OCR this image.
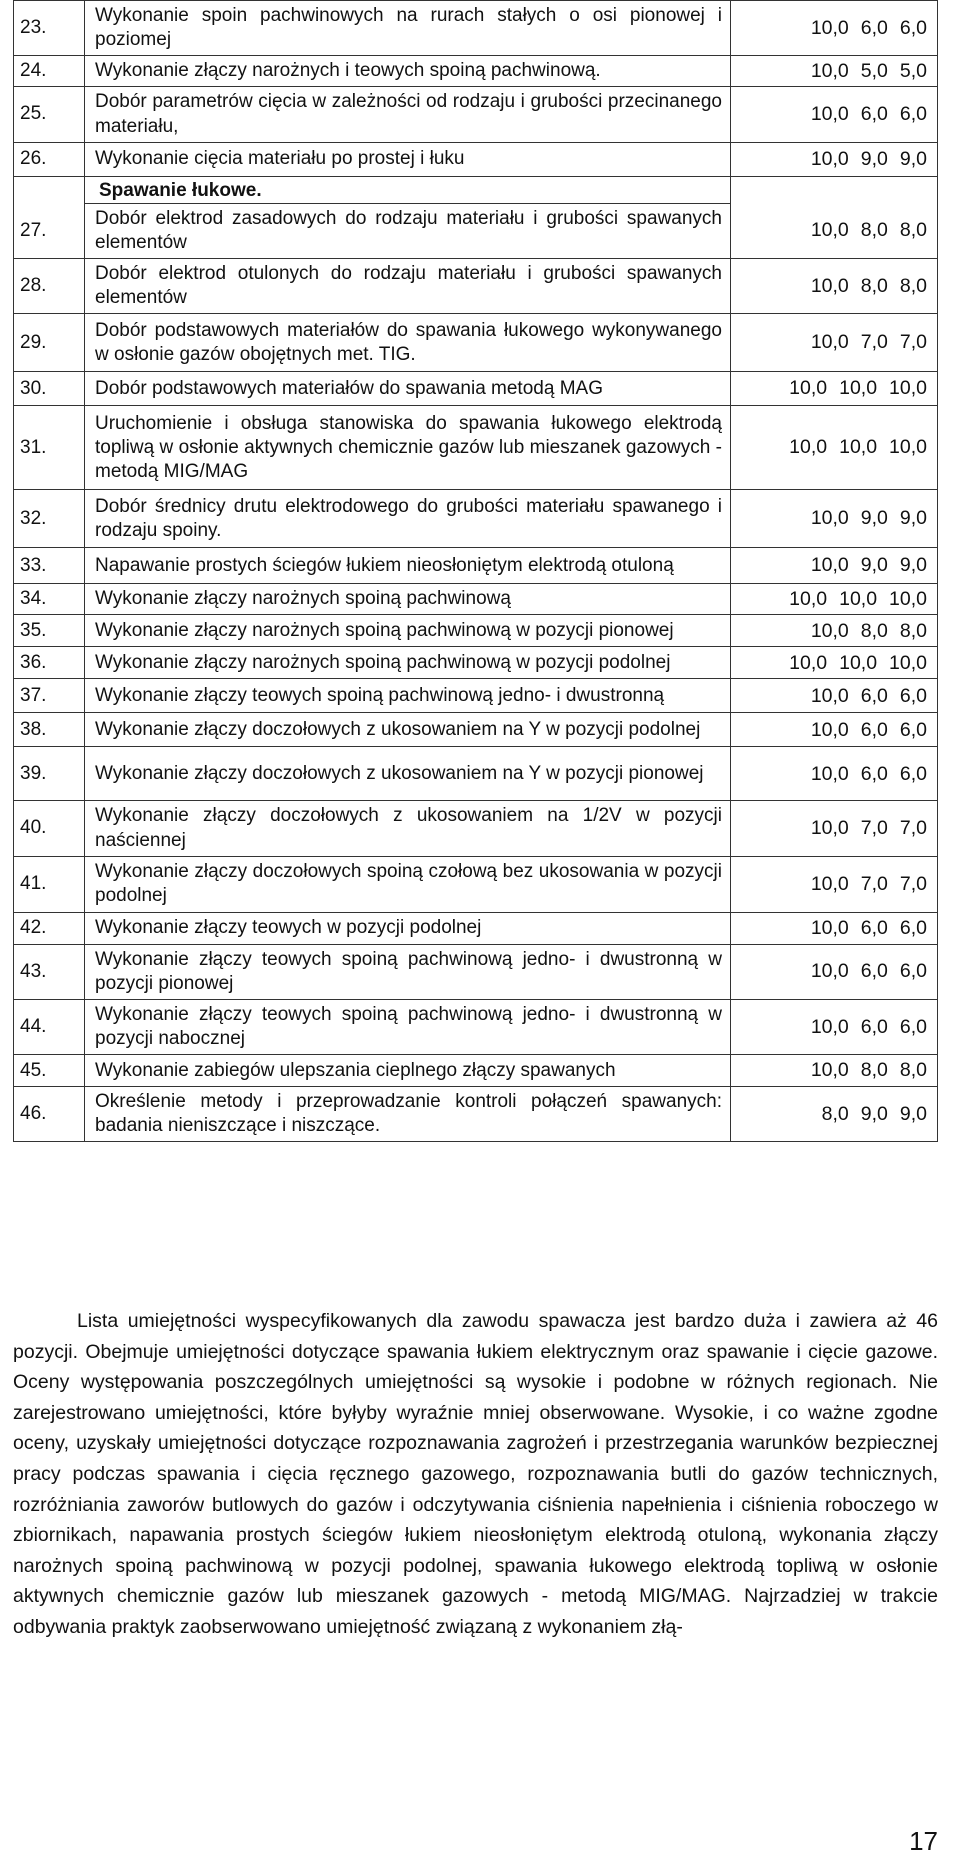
23.	Wykonanie spoin pachwinowych na rurach stałych o osi pionowej i poziomej	10,0 6,0 6,0
24.	Wykonanie złączy narożnych i teowych spoiną pachwinową.	10,0 5,0 5,0
25.	Dobór parametrów cięcia w zależności od rodzaju i grubości przecinanego materiału,	10,0 6,0 6,0
26.	Wykonanie cięcia materiału po prostej i łuku	10,0 9,0 9,0
	Spawanie łukowe.	
27.	Dobór elektrod zasadowych do rodzaju materiału i grubości spawanych elementów	10,0 8,0 8,0
28.	Dobór elektrod otulonych do rodzaju materiału i grubości spawanych elementów	10,0 8,0 8,0
29.	Dobór podstawowych materiałów do spawania łukowego wykonywanego w osłonie gazów obojętnych met. TIG.	10,0 7,0 7,0
30.	Dobór podstawowych materiałów do spawania metodą MAG	10,0 10,0 10,0
31.	Uruchomienie i obsługa stanowiska do spawania łukowego elektrodą topliwą w osłonie aktywnych chemicznie gazów lub mieszanek gazowych - metodą MIG/MAG	10,0 10,0 10,0
32.	Dobór średnicy drutu elektrodowego do grubości materiału spawanego i rodzaju spoiny.	10,0 9,0 9,0
33.	Napawanie prostych ściegów łukiem nieosłoniętym elektrodą otuloną	10,0 9,0 9,0
34.	Wykonanie złączy narożnych spoiną pachwinową	10,0 10,0 10,0
35.	Wykonanie złączy narożnych spoiną pachwinową w pozycji pionowej	10,0 8,0 8,0
36.	Wykonanie złączy narożnych spoiną pachwinową w pozycji podolnej	10,0 10,0 10,0
37.	Wykonanie złączy teowych spoiną pachwinową jedno- i dwustronną	10,0 6,0 6,0
38.	Wykonanie złączy doczołowych z ukosowaniem na Y w pozycji podolnej	10,0 6,0 6,0
39.	Wykonanie złączy doczołowych z ukosowaniem na Y w pozycji pionowej	10,0 6,0 6,0
40.	Wykonanie złączy doczołowych z ukosowaniem na 1/2V w pozycji naściennej	10,0 7,0 7,0
41.	Wykonanie złączy doczołowych spoiną czołową bez ukosowania w pozycji podolnej	10,0 7,0 7,0
42.	Wykonanie złączy teowych w pozycji podolnej	10,0 6,0 6,0
43.	Wykonanie złączy teowych spoiną pachwinową jedno- i dwustronną w pozycji pionowej	10,0 6,0 6,0
44.	Wykonanie złączy teowych spoiną pachwinową jedno- i dwustronną w pozycji nabocznej	10,0 6,0 6,0
45.	Wykonanie zabiegów ulepszania cieplnego złączy spawanych	10,0 8,0 8,0
46.	Określenie metody i przeprowadzanie kontroli połączeń spawanych: badania nieniszczące i niszczące.	8,0 9,0 9,0

Lista umiejętności wyspecyfikowanych dla zawodu spawacza jest bardzo duża i zawiera aż 46 pozycji. Obejmuje umiejętności dotyczące spawania łukiem elektrycznym oraz spawanie i cięcie gazowe. Oceny występowania poszczególnych umiejętności są wysokie i podobne w różnych regionach. Nie zarejestrowano umiejętności, które byłyby wyraźnie mniej obserwowane. Wysokie, i co ważne zgodne oceny, uzyskały umiejętności dotyczące rozpoznawania zagrożeń i przestrzegania warunków bezpiecznej pracy podczas spawania i cięcia ręcznego gazowego, rozpoznawania butli do gazów technicznych, rozróżniania zaworów butlowych do gazów i odczytywania ciśnienia napełnienia i ciśnienia roboczego w zbiornikach, napawania prostych ściegów łukiem nieosłoniętym elektrodą otuloną, wykonania złączy narożnych spoiną pachwinową w pozycji podolnej, spawania łukowego elektrodą topliwą w osłonie aktywnych chemicznie gazów lub mieszanek gazowych - metodą MIG/MAG. Najrzadziej w trakcie odbywania praktyk zaobserwowano umiejętność związaną z wykonaniem złą-

17
